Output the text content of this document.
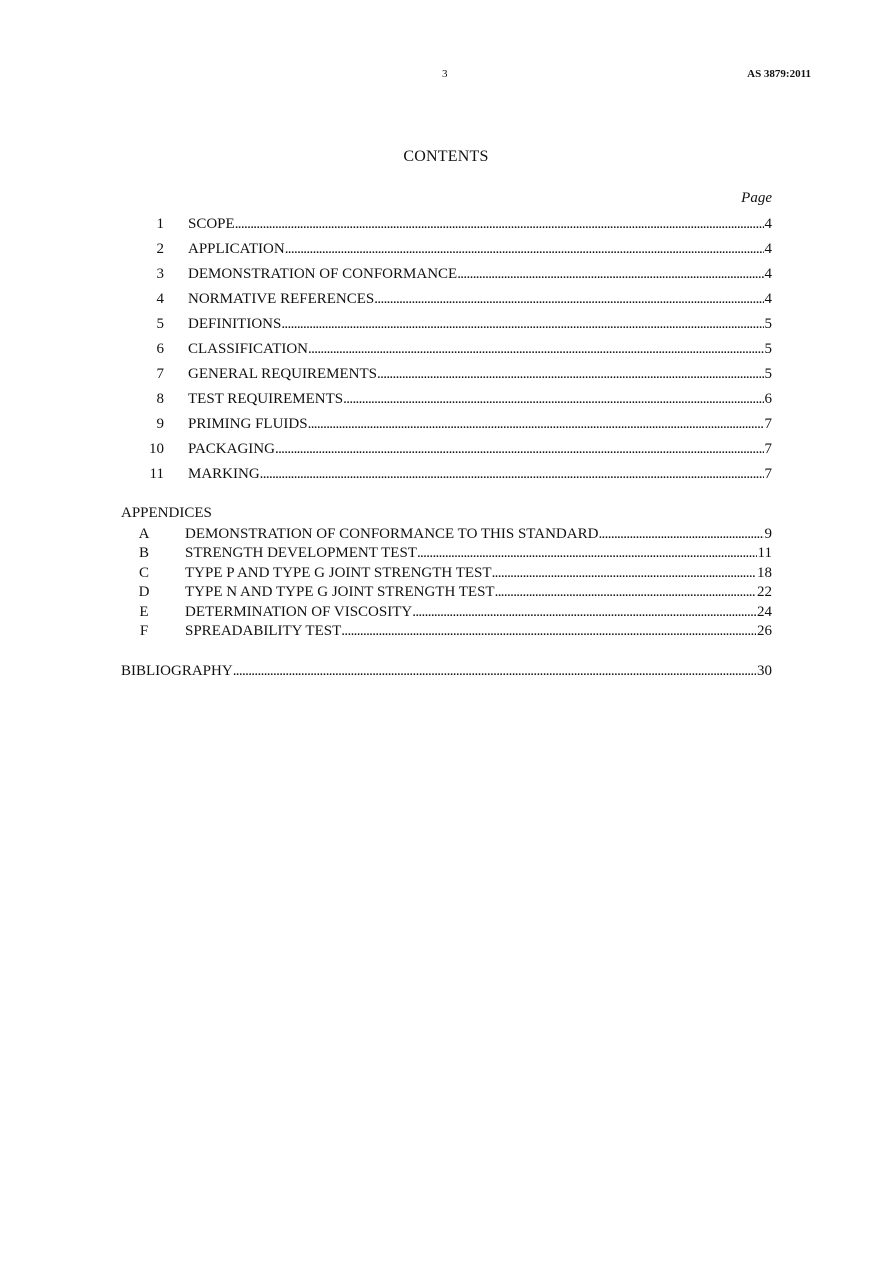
3	AS 3879:2011
CONTENTS
Page
1 SCOPE . . .	4
2 APPLICATION . . .	4
3 DEMONSTRATION OF CONFORMANCE . . .	4
4 NORMATIVE REFERENCES . . .	4
5 DEFINITIONS . . .	5
6 CLASSIFICATION . . .	5
7 GENERAL REQUIREMENTS . . .	5
8 TEST REQUIREMENTS . . .	6
9 PRIMING FLUIDS . . .	7
10 PACKAGING . . .	7
11 MARKING . . .	7
APPENDICES
A	DEMONSTRATION OF CONFORMANCE TO THIS STANDARD . . .	9
B	STRENGTH DEVELOPMENT TEST . . .	11
C	TYPE P AND TYPE G JOINT STRENGTH TEST . . .	18
D	TYPE N AND TYPE G JOINT STRENGTH TEST . . .	22
E	DETERMINATION OF VISCOSITY . . .	24
F	SPREADABILITY TEST . . .	26
BIBLIOGRAPHY . . .	30
